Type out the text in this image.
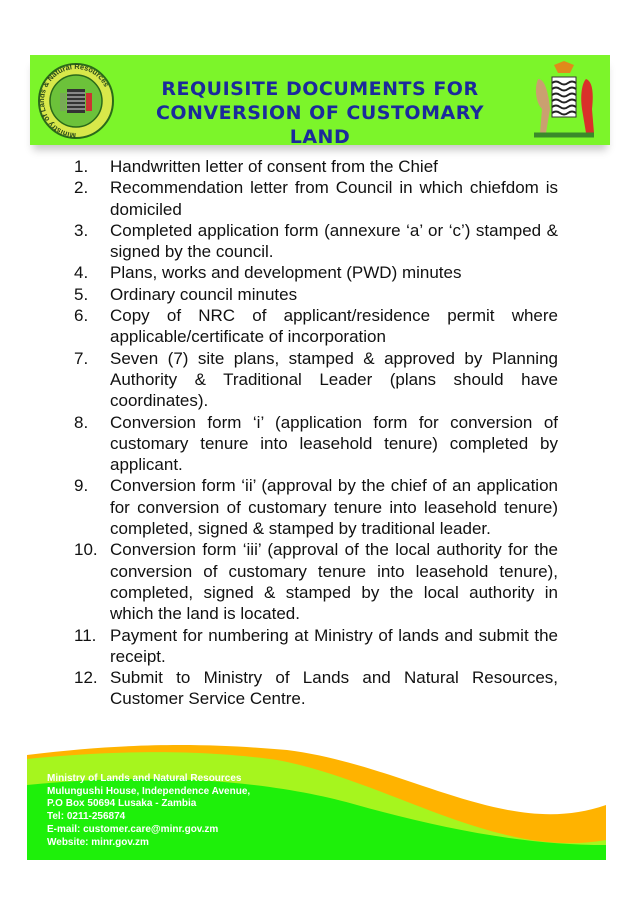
Ministry of Lands & Natural Resources	REQUISITE DOCUMENTS FOR
CONVERSION OF CUSTOMARY LAND
1.	Handwritten letter of consent from the Chief
2.	Recommendation letter from Council in which chiefdom is domiciled
3.	Completed application form (annexure ‘a’ or ‘c’) stamped & signed by the council.
4.	Plans, works and development (PWD) minutes
5.	Ordinary council minutes
6.	Copy of NRC of applicant/residence permit where applicable/certificate of incorporation
7.	Seven (7) site plans, stamped & approved by Planning Authority & Traditional Leader (plans should have coordinates).
8.	Conversion form ‘i’ (application form for conversion of customary tenure into leasehold tenure) completed by applicant.
9.	Conversion form ‘ii’ (approval by the chief of an application for conversion of customary tenure into leasehold tenure) completed, signed & stamped by traditional leader.
10. Conversion form ‘iii’ (approval of the local authority for the conversion of customary tenure into leasehold tenure), completed, signed & stamped by the local authority in which the land is located.
11. Payment for numbering at Ministry of lands and submit the receipt.
12. Submit to Ministry of Lands and Natural Resources, Customer Service Centre.
Ministry of Lands and Natural Resources
Mulungushi House, Independence Avenue,
P.O Box 50694 Lusaka - Zambia
Tel: 0211-256874
E-mail: customer.care@minr.gov.zm
Website: minr.gov.zm
